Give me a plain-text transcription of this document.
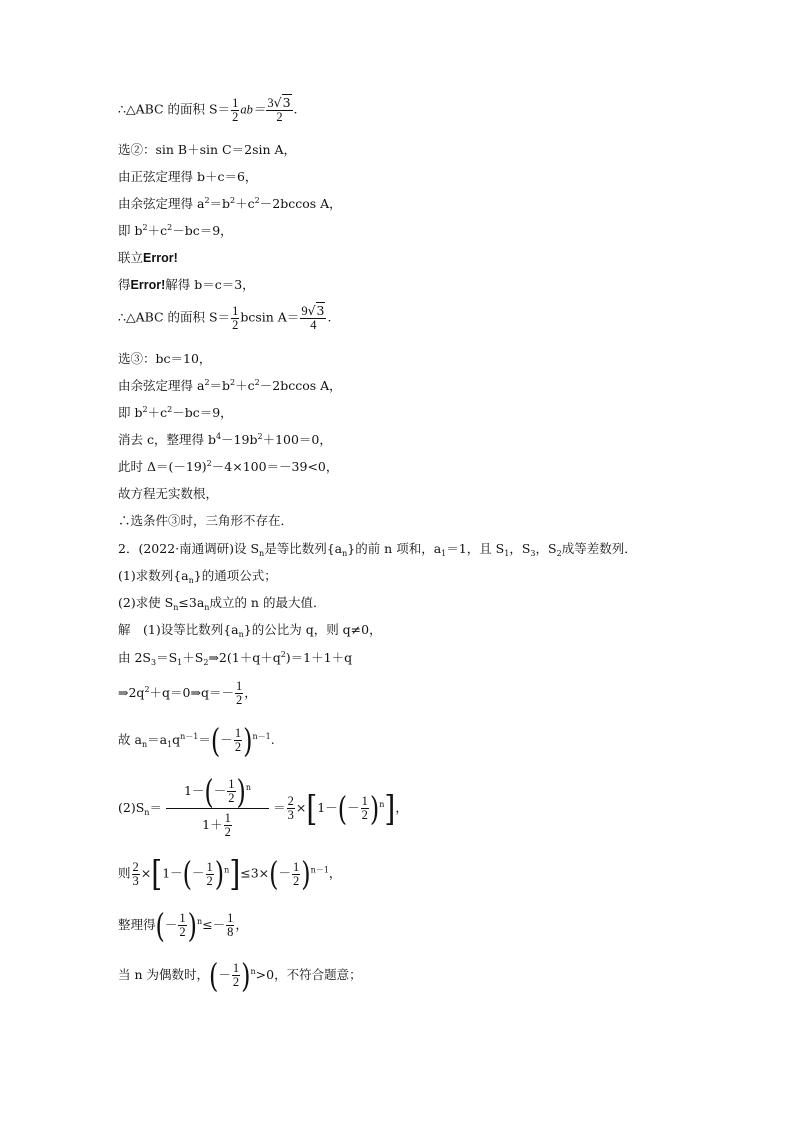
∴△ABC 的面积 $S= \frac{1}{2} ab= \frac{3√3}{2}$ .
选②：sin B＋sin C＝2sin A，
由正弦定理得 b＋c＝6，
由余弦定理得 $a^2=b^2+c^2-2bccos$ A，
即 $b^2+c^2-bc=9$，
联立Error!
得Error!解得 b＝c＝3，
∴△ABC 的面积 $S= \frac{1}{2}$ bcsin $A= \frac{9√3}{4}$ .
选③：bc＝10，
由余弦定理得 $a^2=b^2+c^2-2bccos$ A，
即 $b^2+c^2-bc=9$，
消去 c，整理得 $b^4-19b^2+100=0$，
此时 $\Delta=(-19)^2-4\times 100=-39<0$，
故方程无实数根，
∴选条件③时，三角形不存在．
2．(2022·南通调研)设 $S_n$是等比数列$\{a_n\}$的前 n 项和，$a_1=1$，且 $S_1$，$S_3$，$S_2$成等差数列．
(1)求数列$\{a_n\}$的通项公式；
(2)求使 $S_n\le 3a_n$成立的 n 的最大值．
解　(1)设等比数列$\{a_n\}$的公比为 q，则 q≠0，
由 $2S_3=S_1+S_2\Rightarrow 2(1+q+q^2)=1+1+q$
$\Rightarrow 2q^2+q=0\Rightarrow q=- \frac{1}{2}$ ，
故 $a_n=a_1q^{n-1}=(- \frac{1}{2} )^{n-1}$.
$(2)S_n= \frac{1-(- \frac{1}{2} )^n}{1+ \frac{1}{2}} = \frac{2}{3} \times[1-(- \frac{1}{2} )^n]$，
则 $\frac{2}{3} \times[1-(- \frac{1}{2} )^n]\le 3\times(- \frac{1}{2} )^{n-1}$，
整理得(－ $\frac{1}{2} )^n\le- \frac{1}{8}$ ，
当 n 为偶数时，(－ $\frac{1}{2} )^n>0$，不符合题意；
